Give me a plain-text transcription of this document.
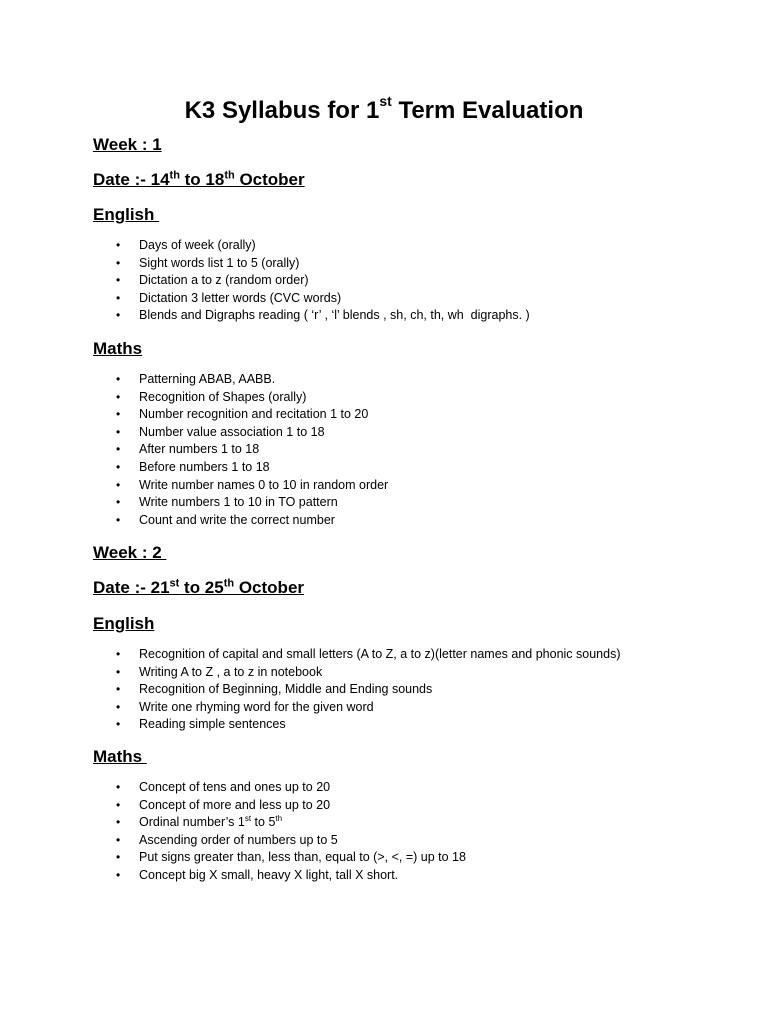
K3 Syllabus for 1st Term Evaluation
Week : 1
Date :- 14th to 18th October
English
• Days of week (orally)
• Sight words list 1 to 5 (orally)
• Dictation a to z (random order)
• Dictation 3 letter words (CVC words)
• Blends and Digraphs reading ( ‘r’ , ‘l’ blends , sh, ch, th, wh  digraphs. )
Maths
• Patterning ABAB, AABB.
• Recognition of Shapes (orally)
• Number recognition and recitation 1 to 20
• Number value association 1 to 18
• After numbers 1 to 18
• Before numbers 1 to 18
• Write number names 0 to 10 in random order
• Write numbers 1 to 10 in TO pattern
• Count and write the correct number
Week : 2
Date :- 21st to 25th October
English
• Recognition of capital and small letters (A to Z, a to z)(letter names and phonic sounds)
• Writing A to Z , a to z in notebook
• Recognition of Beginning, Middle and Ending sounds
• Write one rhyming word for the given word
• Reading simple sentences
Maths
• Concept of tens and ones up to 20
• Concept of more and less up to 20
• Ordinal number’s 1st to 5th
• Ascending order of numbers up to 5
• Put signs greater than, less than, equal to (>, <, =) up to 18
• Concept big X small, heavy X light, tall X short.
